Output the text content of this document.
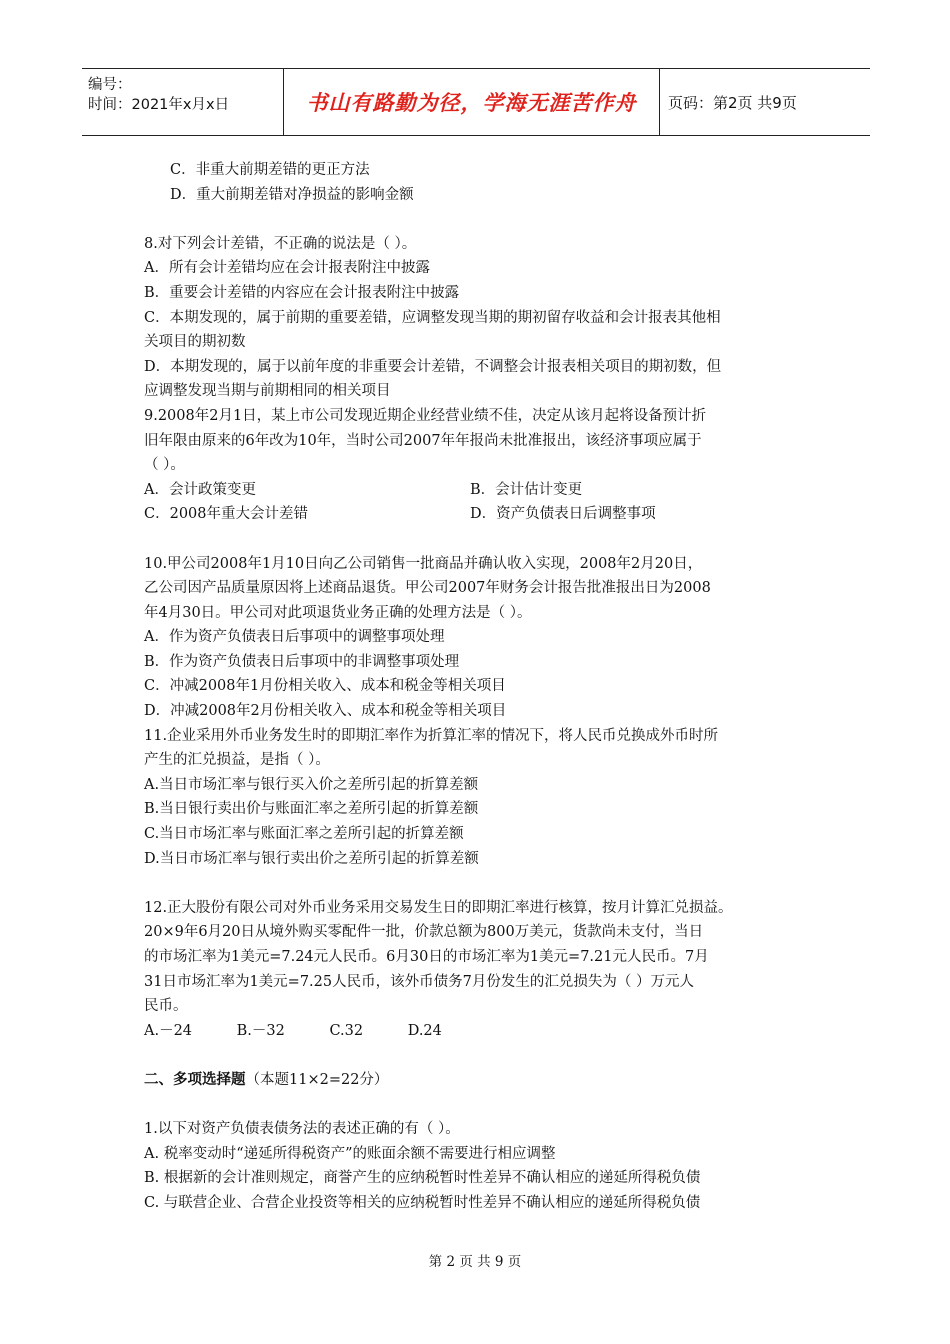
编号：
时间：2021年x月x日	书山有路勤为径，学海无涯苦作舟	页码：第2页 共9页
C．非重大前期差错的更正方法
D．重大前期差错对净损益的影响金额
8.对下列会计差错，不正确的说法是（ ）。
A．所有会计差错均应在会计报表附注中披露
B．重要会计差错的内容应在会计报表附注中披露
C．本期发现的，属于前期的重要差错，应调整发现当期的期初留存收益和会计报表其他相
关项目的期初数
D．本期发现的，属于以前年度的非重要会计差错，不调整会计报表相关项目的期初数，但
应调整发现当期与前期相同的相关项目
9.2008年2月1日，某上市公司发现近期企业经营业绩不佳，决定从该月起将设备预计折
旧年限由原来的6年改为10年，当时公司2007年年报尚未批准报出，该经济事项应属于
（ ）。
A．会计政策变更	B．会计估计变更
C．2008年重大会计差错	D．资产负债表日后调整事项
10.甲公司2008年1月10日向乙公司销售一批商品并确认收入实现，2008年2月20日，
乙公司因产品质量原因将上述商品退货。甲公司2007年财务会计报告批准报出日为2008
年4月30日。甲公司对此项退货业务正确的处理方法是（ ）。
A．作为资产负债表日后事项中的调整事项处理
B．作为资产负债表日后事项中的非调整事项处理
C．冲减2008年1月份相关收入、成本和税金等相关项目
D．冲减2008年2月份相关收入、成本和税金等相关项目
11.企业采用外币业务发生时的即期汇率作为折算汇率的情况下，将人民币兑换成外币时所
产生的汇兑损益，是指（ ）。
A.当日市场汇率与银行买入价之差所引起的折算差额
B.当日银行卖出价与账面汇率之差所引起的折算差额
C.当日市场汇率与账面汇率之差所引起的折算差额
D.当日市场汇率与银行卖出价之差所引起的折算差额
12.正大股份有限公司对外币业务采用交易发生日的即期汇率进行核算，按月计算汇兑损益。
20×9年6月20日从境外购买零配件一批，价款总额为800万美元，货款尚未支付，当日
的市场汇率为1美元=7.24元人民币。6月30日的市场汇率为1美元=7.21元人民币。7月
31日市场汇率为1美元=7.25人民币，该外币债务7月份发生的汇兑损失为（ ）万元人
民币。
A.－24	B.－32	C.32	D.24
二、多项选择题（本题11×2=22分）
1.以下对资产负债表债务法的表述正确的有（ ）。
A. 税率变动时“递延所得税资产”的账面余额不需要进行相应调整
B. 根据新的会计准则规定，商誉产生的应纳税暂时性差异不确认相应的递延所得税负债
C. 与联营企业、合营企业投资等相关的应纳税暂时性差异不确认相应的递延所得税负债
第 2 页 共 9 页
